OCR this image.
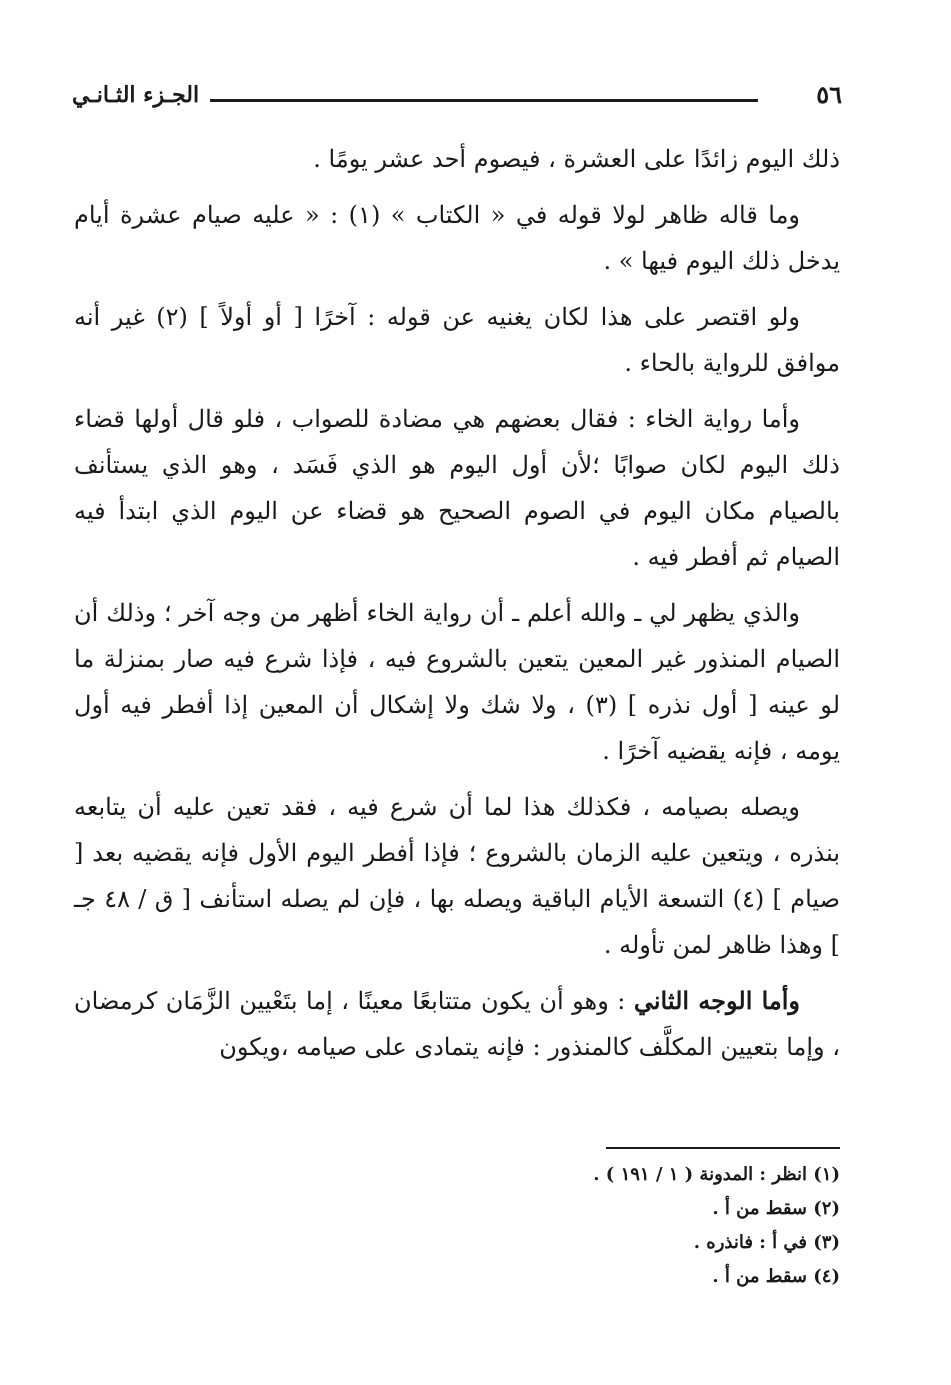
الجـزء الثـانـي	٥٦

ذلك اليوم زائدًا على العشرة ، فيصوم أحد عشر يومًا .

وما قاله ظاهر لولا قوله في « الكتاب » (١) : « عليه صيام عشرة أيام يدخل ذلك اليوم فيها » .

ولو اقتصر على هذا لكان يغنيه عن قوله : آخرًا [ أو أولاً ] (٢) غير أنه موافق للرواية بالحاء .

وأما رواية الخاء : فقال بعضهم هي مضادة للصواب ، فلو قال أولها قضاء ذلك اليوم لكان صوابًا ؛لأن أول اليوم هو الذي فَسَد ، وهو الذي يستأنف بالصيام مكان اليوم في الصوم الصحيح هو قضاء عن اليوم الذي ابتدأ فيه الصيام ثم أفطر فيه .

والذي يظهر لي ـ والله أعلم ـ أن رواية الخاء أظهر من وجه آخر ؛ وذلك أن الصيام المنذور غير المعين يتعين بالشروع فيه ، فإذا شرع فيه صار بمنزلة ما لو عينه [ أول نذره ] (٣) ، ولا شك ولا إشكال أن المعين إذا أفطر فيه أول يومه ، فإنه يقضيه آخرًا .

ويصله بصيامه ، فكذلك هذا لما أن شرع فيه ، فقد تعين عليه أن يتابعه بنذره ، ويتعين عليه الزمان بالشروع ؛ فإذا أفطر اليوم الأول فإنه يقضيه بعد [ صيام ] (٤) التسعة الأيام الباقية ويصله بها ، فإن لم يصله استأنف [ ق / ٤٨ جـ ] وهذا ظاهر لمن تأوله .

وأما الوجه الثاني : وهو أن يكون متتابعًا معينًا ، إما بتَعْيين الزَّمَان كرمضان ، وإما بتعيين المكلَّف كالمنذور : فإنه يتمادى على صيامه ،ويكون

(١) انظر : المدونة ( ١ / ١٩١ ) .
(٢) سقط من أ .
(٣) في أ : فانذره .
(٤) سقط من أ .
